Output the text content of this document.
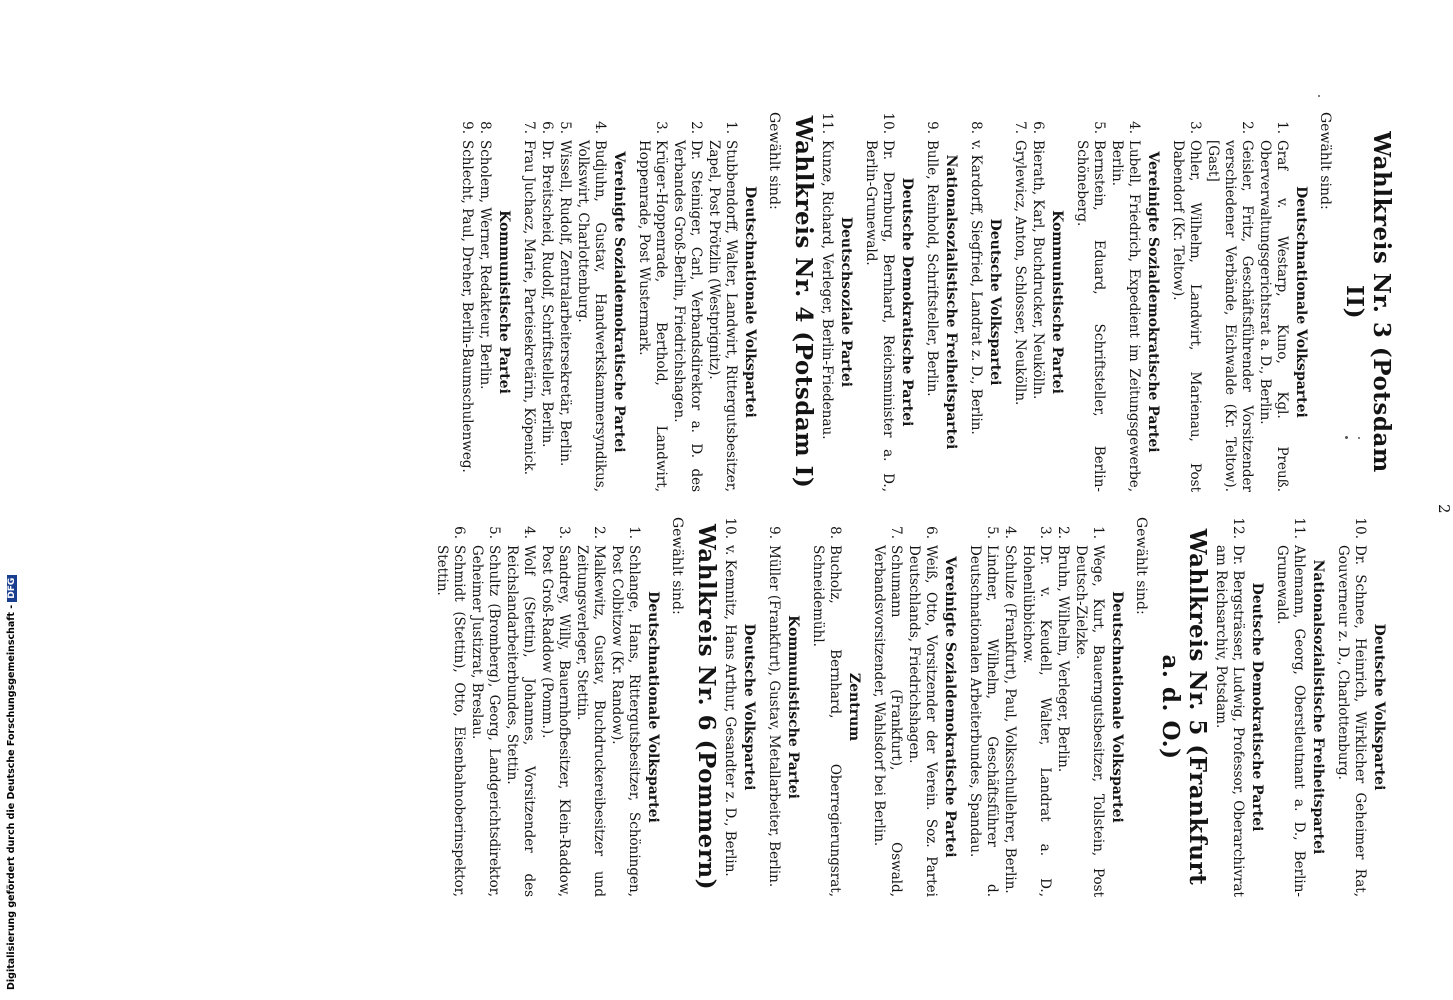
2
Wahlkreis Nr. 3 (Potsdam II)
Gewählt sind:
Deutschnationale Volkspartei
1.
Graf v. Westarp, Kuno, Kgl. Preuß. Oberverwaltungsgerichtsrat a. D., Berlin.
2.
Geisler, Fritz, Geschäftsführender Vorsitzender verschiedener Verbände, Eichwalde (Kr. Teltow). [Gast]
3.
Ohler, Wilhelm, Landwirt, Marienau, Post Dabendorf (Kr. Teltow).
Vereinigte Sozialdemokratische Partei
4.
Lubell, Friedrich, Expedient im Zeitungsgewerbe, Berlin.
5.
Bernstein, Eduard, Schriftsteller, Berlin-Schöneberg.
Kommunistische Partei
6.
Bierath, Karl, Buchdrucker, Neukölln.
7.
Grylewicz, Anton, Schlosser, Neukölln.
Deutsche Volkspartei
8.
v. Kardorff, Siegfried, Landrat z. D., Berlin.
Nationalsozialistische Freiheitspartei
9.
Bulle, Reinhold, Schriftsteller, Berlin.
Deutsche Demokratische Partei
10.
Dr. Dernburg, Bernhard, Reichsminister a. D., Berlin-Grunewald.
Deutschsoziale Partei
11.
Kunze, Richard, Verleger, Berlin-Friedenau.
Wahlkreis Nr. 4 (Potsdam I)
Gewählt sind:
Deutschnationale Volkspartei
1.
Stubbendorff, Walter, Landwirt, Rittergutsbesitzer, Zapel, Post Prötzlin (Westprignitz).
2.
Dr. Steiniger, Carl, Verbandsdirektor a. D. des Verbandes Groß-Berlin, Friedrichshagen.
3.
Krüger-Hoppenrade, Berthold, Landwirt, Hoppenrade, Post Wustermark.
Vereinigte Sozialdemokratische Partei
4.
Budjuhn, Gustav, Handwerkskammersyndikus, Volkswirt, Charlottenburg.
5.
Wissell, Rudolf, Zentralarbeitersekretär, Berlin.
6.
Dr. Breitscheid, Rudolf, Schriftsteller, Berlin.
7.
Frau Juchacz, Marie, Parteisekretärin, Köpenick.
Kommunistische Partei
8.
Scholem, Werner, Redakteur, Berlin.
9.
Schlecht, Paul, Dreher, Berlin-Baumschulenweg.
Deutsche Volkspartei
10.
Dr. Schnee, Heinrich, Wirklicher Geheimer Rat, Gouverneur z. D., Charlottenburg.
Nationalsozialistische Freiheitspartei
11.
Ahlemann, Georg, Oberstleutnant a. D., Berlin-Grunewald.
Deutsche Demokratische Partei
12.
Dr. Bergsträsser, Ludwig, Professor, Oberarchivrat am Reichsarchiv, Potsdam.
Wahlkreis Nr. 5 (Frankfurt a. d. O.)
Gewählt sind:
Deutschnationale Volkspartei
1.
Wege, Kurt, Bauerngutsbesitzer, Tollstein, Post Deutsch-Zielzke.
2.
Bruhn, Wilhelm, Verleger, Berlin.
3.
Dr. v. Keudell, Walter, Landrat a. D., Hohenlübbichow.
4.
Schulze (Frankfurt), Paul, Volksschullehrer, Berlin.
5.
Lindner, Wilhelm, Geschäftsführer d. Deutschnationalen Arbeiterbundes, Spandau.
Vereinigte Sozialdemokratische Partei
6.
Weiß, Otto, Vorsitzender der Verein. Soz. Partei Deutschlands, Friedrichshagen.
7.
Schumann (Frankfurt), Oswald, Verbandsvorsitzender, Wahlsdorf bei Berlin.
Zentrum
8.
Bucholz, Bernhard, Oberregierungsrat, Schneidemühl.
Kommunistische Partei
9.
Müller (Frankfurt), Gustav, Metallarbeiter, Berlin.
Deutsche Volkspartei
10.
v. Kemnitz, Hans Arthur, Gesandter z. D., Berlin.
Wahlkreis Nr. 6 (Pommern)
Gewählt sind:
Deutschnationale Volkspartei
1.
Schlange, Hans, Rittergutsbesitzer, Schöningen, Post Colbitzow (Kr. Randow).
2.
Malkewitz, Gustav, Buchdruckereibesitzer und Zeitungsverleger, Stettin.
3.
Sandrey, Willy, Bauernhofbesitzer, Klein-Raddow, Post Groß-Raddow (Pomm.).
4.
Wolf (Stettin), Johannes, Vorsitzender des Reichslandarbeiterbundes, Stettin.
5.
Schultz (Bromberg), Georg, Landgerichtsdirektor, Geheimer Justizrat, Breslau.
6.
Schmidt (Stettin), Otto, Eisenbahnoberinspektor, Stettin.
Digitalisierung gefördert durch die Deutsche Forschungsgemeinschaft -DFG
